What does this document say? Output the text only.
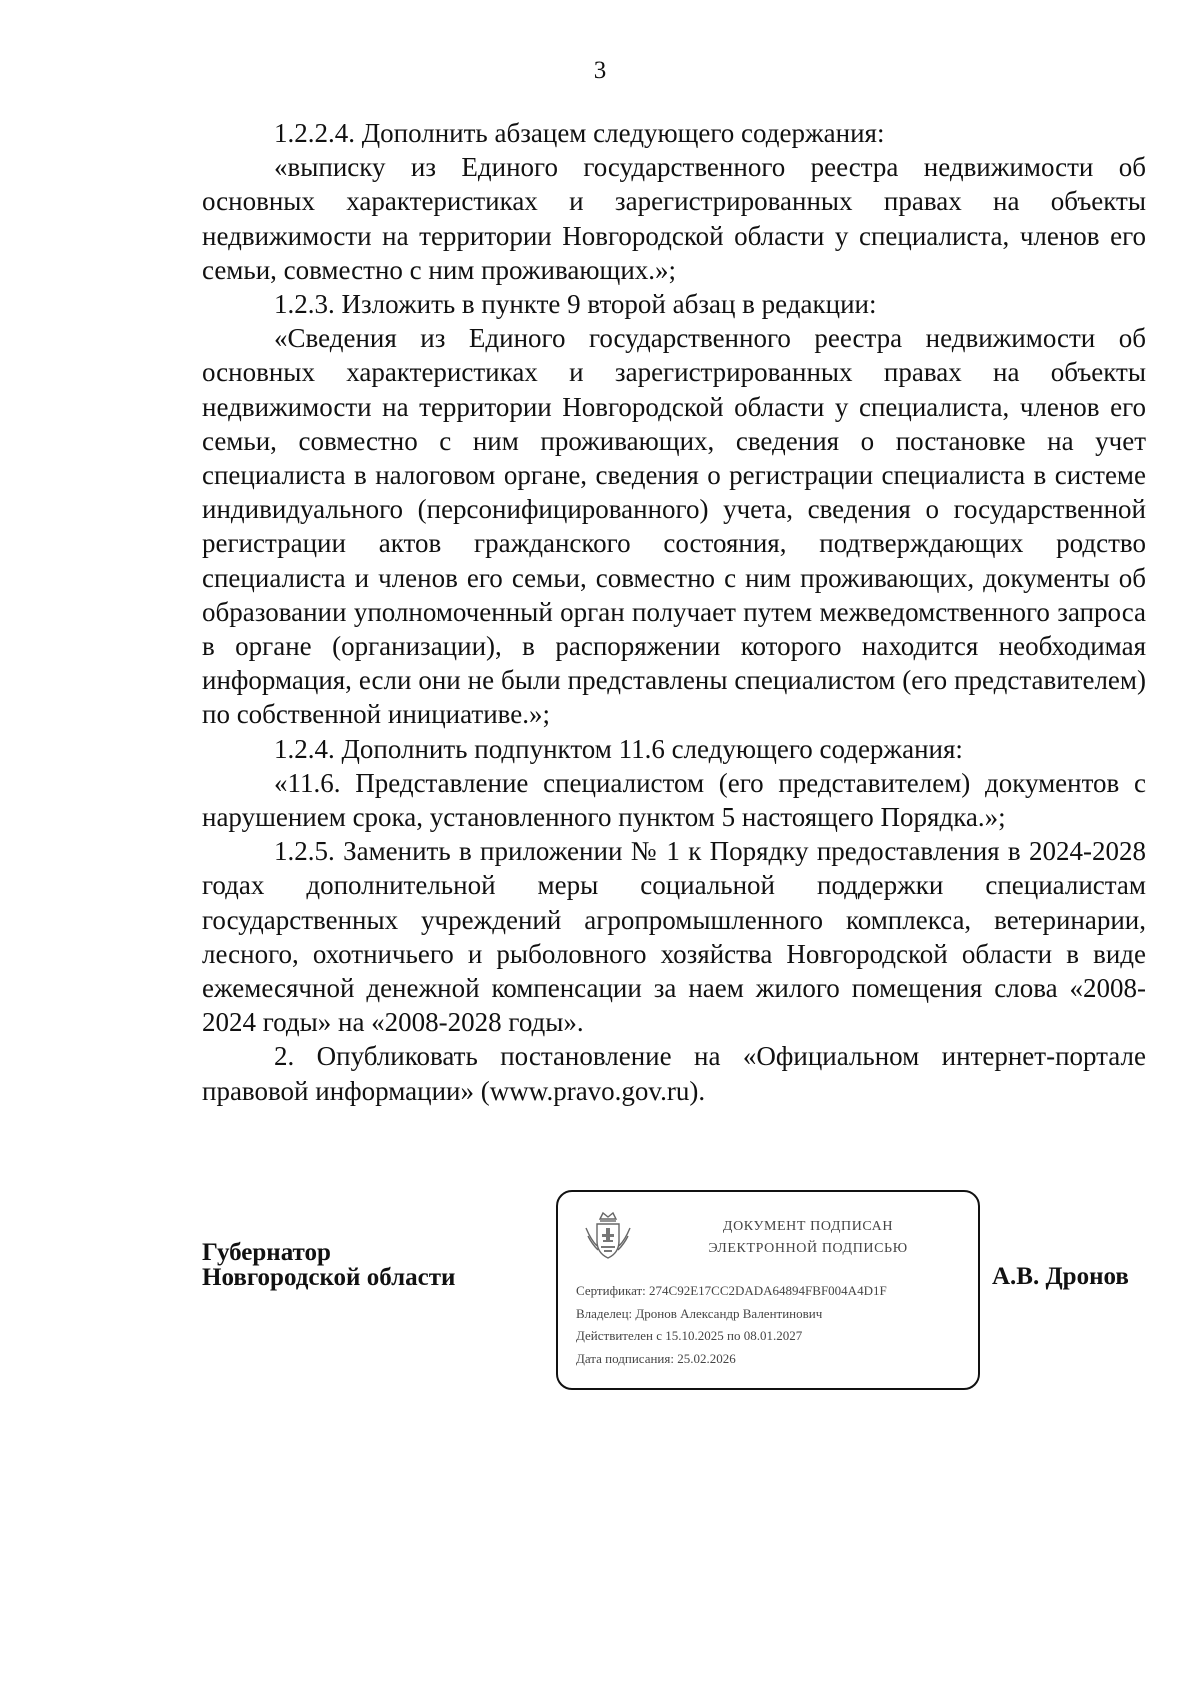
3

1.2.2.4. Дополнить абзацем следующего содержания:

«выписку из Единого государственного реестра недвижимости об основных характеристиках и зарегистрированных правах на объекты недвижимости на территории Новгородской области у специалиста, членов его семьи, совместно с ним проживающих.»;

1.2.3. Изложить в пункте 9 второй абзац в редакции:

«Сведения из Единого государственного реестра недвижимости об основных характеристиках и зарегистрированных правах на объекты недвижимости на территории Новгородской области у специалиста, членов его семьи, совместно с ним проживающих, сведения о постановке на учет специалиста в налоговом органе, сведения о регистрации специалиста в системе индивидуального (персонифицированного) учета, сведения о государственной регистрации актов гражданского состояния, подтверждающих родство специалиста и членов его семьи, совместно с ним проживающих, документы об образовании уполномоченный орган получает путем межведомственного запроса в органе (организации), в распоряжении которого находится необходимая информация, если они не были представлены специалистом (его представителем) по собственной инициативе.»;

1.2.4. Дополнить подпунктом 11.6 следующего содержания:

«11.6. Представление специалистом (его представителем) документов с нарушением срока, установленного пунктом 5 настоящего Порядка.»;

1.2.5. Заменить в приложении № 1 к Порядку предоставления в 2024-2028 годах дополнительной меры социальной поддержки специалистам государственных учреждений агропромышленного комплекса, ветеринарии, лесного, охотничьего и рыболовного хозяйства Новгородской области в виде ежемесячной денежной компенсации за наем жилого помещения слова «2008-2024 годы» на «2008-2028 годы».

2. Опубликовать постановление на «Официальном интернет-портале правовой информации» (www.pravo.gov.ru).

Губернатор
Новгородской области
ДОКУМЕНТ ПОДПИСАН
ЭЛЕКТРОННОЙ ПОДПИСЬЮ
Сертификат: 274C92E17CC2DADA64894FBF004A4D1F
Владелец: Дронов Александр Валентинович
Действителен с 15.10.2025 по 08.01.2027
Дата подписания: 25.02.2026
А.В. Дронов
